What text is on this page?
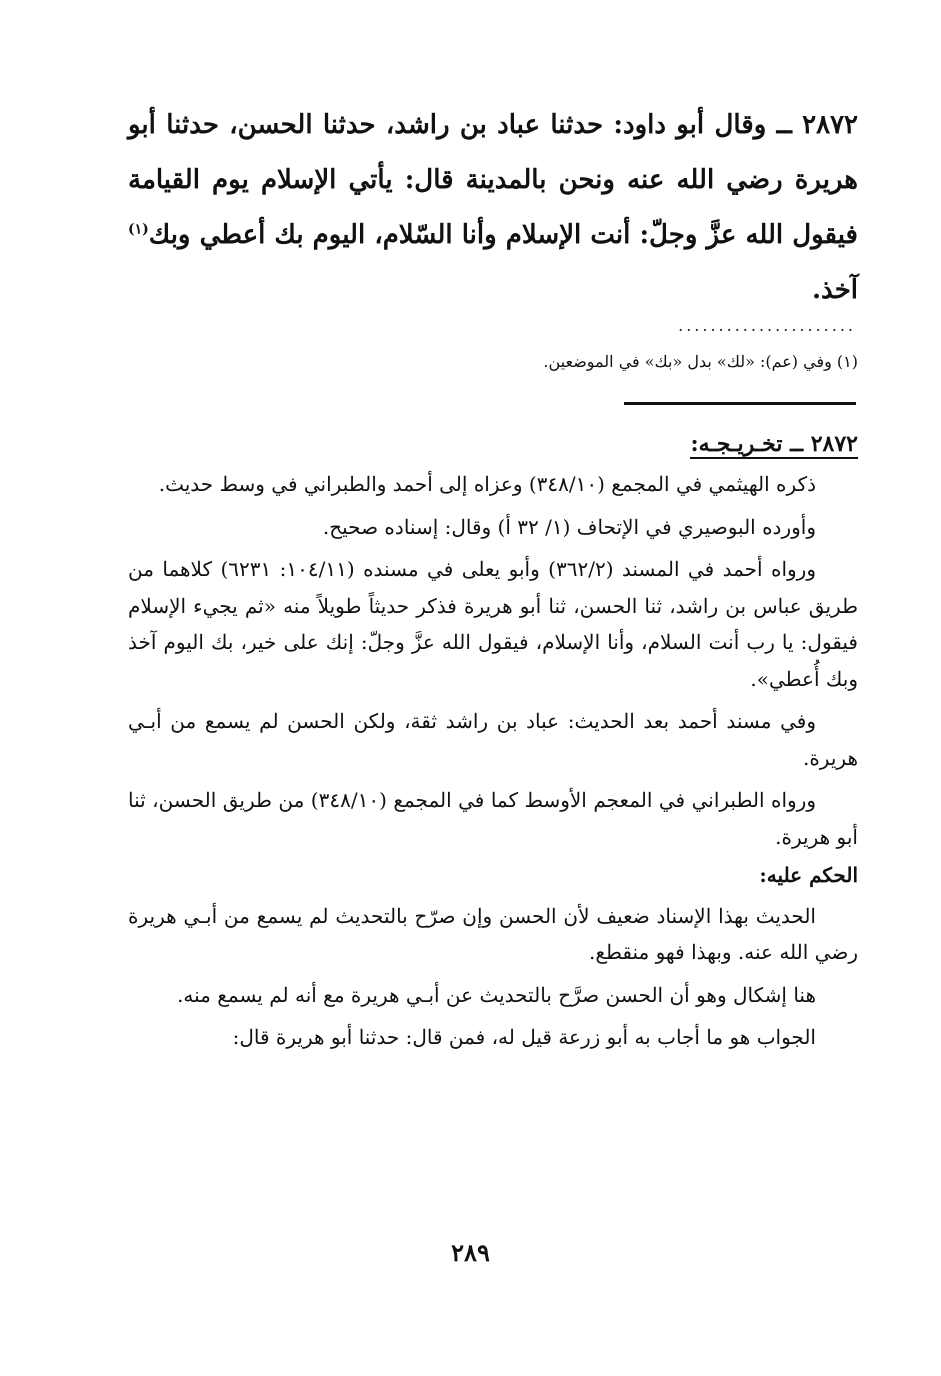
٢٨٧٢ ــ وقال أبو داود: حدثنا عباد بن راشد، حدثنا الحسن، حدثنا أبو هريرة رضي الله عنه ونحن بالمدينة قال: يأتي الإسلام يوم القيامة فيقول الله عزَّ وجلّ: أنت الإسلام وأنا السّلام، اليوم بك أعطي وبك$^{(١)}$ آخذ.
......................
(١) وفي (عم): «لك» بدل «بك» في الموضعين.
٢٨٧٢ ــ تخـريـجـه:

ذكره الهيثمي في المجمع (٣٤٨/١٠) وعزاه إلى أحمد والطبراني في وسط حديث.

وأورده البوصيري في الإتحاف (١/ ٣٢ أ) وقال: إسناده صحيح.

ورواه أحمد في المسند (٣٦٢/٢) وأبو يعلى في مسنده (١٠٤/١١: ٦٢٣١) كلاهما من طريق عباس بن راشد، ثنا الحسن، ثنا أبو هريرة فذكر حديثاً طويلاً منه «ثم يجيء الإسلام فيقول: يا رب أنت السلام، وأنا الإسلام، فيقول الله عزَّ وجلّ: إنك على خير، بك اليوم آخذ وبك أُعطي».

وفي مسند أحمد بعد الحديث: عباد بن راشد ثقة، ولكن الحسن لم يسمع من أبـي هريرة.

ورواه الطبراني في المعجم الأوسط كما في المجمع (٣٤٨/١٠) من طريق الحسن، ثنا أبو هريرة.

الحكم عليه:

الحديث بهذا الإسناد ضعيف لأن الحسن وإن صرّح بالتحديث لم يسمع من أبـي هريرة رضي الله عنه. وبهذا فهو منقطع.

هنا إشكال وهو أن الحسن صرَّح بالتحديث عن أبـي هريرة مع أنه لم يسمع منه.

الجواب هو ما أجاب به أبو زرعة قيل له، فمن قال: حدثنا أبو هريرة قال:

٢٨٩
